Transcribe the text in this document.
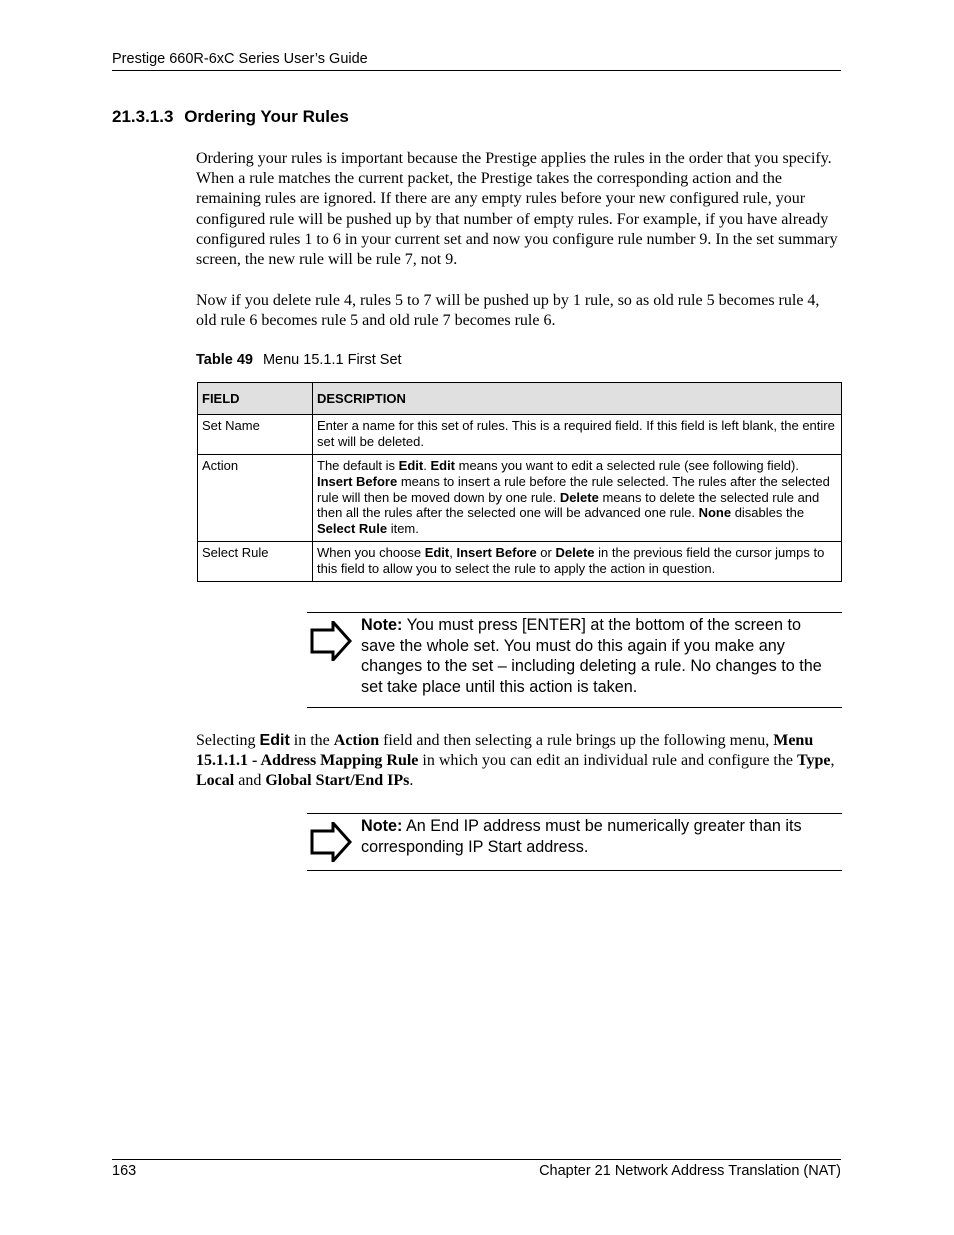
Prestige 660R-6xC Series User’s Guide
21.3.1.3 Ordering Your Rules

Ordering your rules is important because the Prestige applies the rules in the order that you specify. When a rule matches the current packet, the Prestige takes the corresponding action and the remaining rules are ignored. If there are any empty rules before your new configured rule, your configured rule will be pushed up by that number of empty rules. For example, if you have already configured rules 1 to 6 in your current set and now you configure rule number 9. In the set summary screen, the new rule will be rule 7, not 9.

Now if you delete rule 4, rules 5 to 7 will be pushed up by 1 rule, so as old rule 5 becomes rule 4, old rule 6 becomes rule 5 and old rule 7 becomes rule 6.

Table 49 Menu 15.1.1 First Set
FIELD	DESCRIPTION
Set Name	Enter a name for this set of rules. This is a required field. If this field is left blank, the entire set will be deleted.
Action	The default is Edit. Edit means you want to edit a selected rule (see following field). Insert Before means to insert a rule before the rule selected. The rules after the selected rule will then be moved down by one rule. Delete means to delete the selected rule and then all the rules after the selected one will be advanced one rule. None disables the Select Rule item.
Select Rule	When you choose Edit, Insert Before or Delete in the previous field the cursor jumps to this field to allow you to select the rule to apply the action in question.
Note: You must press [ENTER] at the bottom of the screen to save the whole set. You must do this again if you make any changes to the set – including deleting a rule. No changes to the set take place until this action is taken.

Selecting Edit in the Action field and then selecting a rule brings up the following menu, Menu 15.1.1.1 - Address Mapping Rule in which you can edit an individual rule and configure the Type, Local and Global Start/End IPs.

Note: An End IP address must be numerically greater than its corresponding IP Start address.
163	Chapter 21 Network Address Translation (NAT)
